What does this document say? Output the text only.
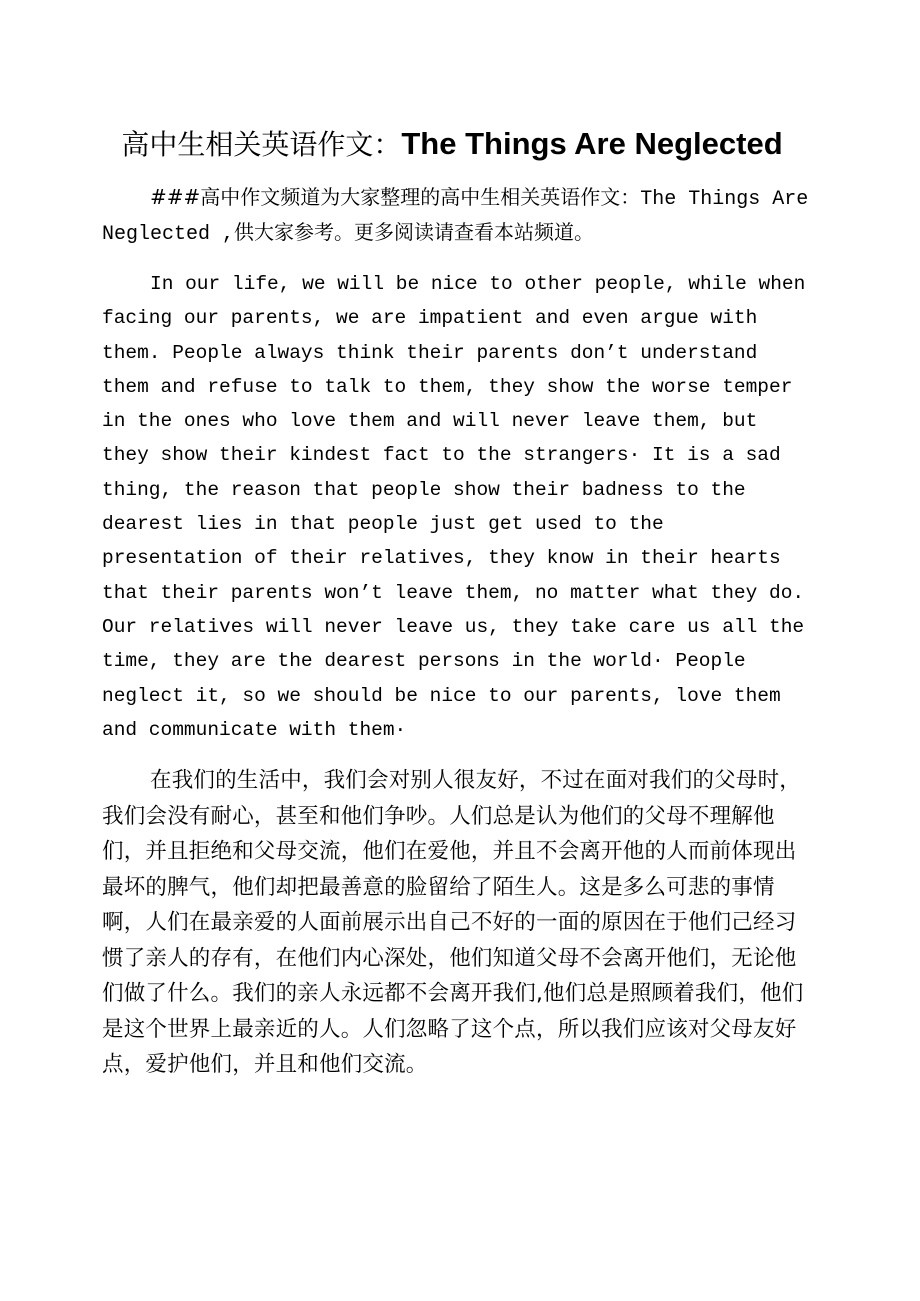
高中生相关英语作文：The Things Are Neglected

###高中作文频道为大家整理的高中生相关英语作文：The Things Are Neglected ,供大家参考。更多阅读请查看本站频道。

In our life, we will be nice to other people, while when facing our parents, we are impatient and even argue with them. People always think their parents don’t understand them and refuse to talk to them, they show the worse temper in the ones who love them and will never leave them, but they show their kindest fact to the strangers· It is a sad thing, the reason that people show their badness to the dearest lies in that people just get used to the presentation of their relatives, they know in their hearts that their parents won’t leave them, no matter what they do. Our relatives will never leave us, they take care us all the time, they are the dearest persons in the world· People neglect it, so we should be nice to our parents, love them and communicate with them·

在我们的生活中，我们会对别人很友好，不过在面对我们的父母时，我们会没有耐心，甚至和他们争吵。人们总是认为他们的父母不理解他们，并且拒绝和父母交流，他们在爱他，并且不会离开他的人而前体现出最坏的脾气，他们却把最善意的脸留给了陌生人。这是多么可悲的事情啊，人们在最亲爱的人面前展示出自己不好的一面的原因在于他们己经习惯了亲人的存有，在他们内心深处，他们知道父母不会离开他们，无论他们做了什么。我们的亲人永远都不会离开我们,他们总是照顾着我们，他们是这个世界上最亲近的人。人们忽略了这个点，所以我们应该对父母友好点，爱护他们，并且和他们交流。
